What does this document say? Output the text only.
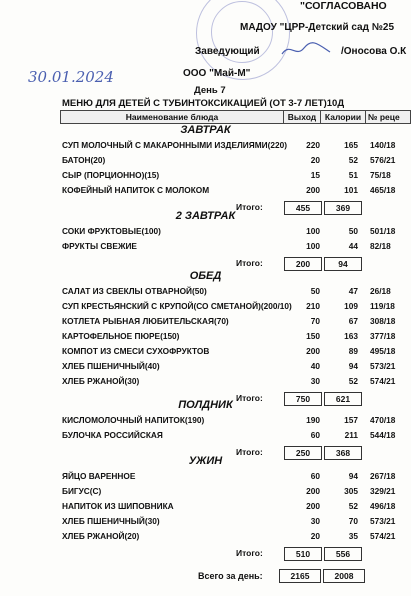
"СОГЛАСОВАНО
МАДОУ "ЦРР-Детский сад №25
Заведующий	/Оносова О.К
30.01.2024	ООО "Май-М"
День 7
МЕНЮ ДЛЯ ДЕТЕЙ С ТУБИНТОКСИКАЦИЕЙ (ОТ 3-7 ЛЕТ)10Д
Наименование блюда	Выход	Калории	№ реце
ЗАВТРАК
СУП МОЛОЧНЫЙ С МАКАРОННЫМИ ИЗДЕЛИЯМИ(220)	220	165 140/18
БАТОН(20)	20	52 576/21
СЫР (ПОРЦИОННО)(15)	15	51 75/18
КОФЕЙНЫЙ НАПИТОК С МОЛОКОМ	200	101 465/18
Итого:	455	369
2 ЗАВТРАК
СОКИ ФРУКТОВЫЕ(100)	100	50 501/18
ФРУКТЫ СВЕЖИЕ	100	44 82/18
Итого:	200	94
ОБЕД
САЛАТ ИЗ СВЕКЛЫ ОТВАРНОЙ(50)	50	47 26/18
СУП КРЕСТЬЯНСКИЙ С КРУПОЙ(СО СМЕТАНОЙ)(200/10)	210	109 119/18
КОТЛЕТА РЫБНАЯ ЛЮБИТЕЛЬСКАЯ(70)	70	67 308/18
КАРТОФЕЛЬНОЕ ПЮРЕ(150)	150	163 377/18
КОМПОТ ИЗ СМЕСИ СУХОФРУКТОВ	200	89 495/18
ХЛЕБ ПШЕНИЧНЫЙ(40)	40	94 573/21
ХЛЕБ РЖАНОЙ(30)	30	52 574/21
Итого:	750	621
ПОЛДНИК
КИСЛОМОЛОЧНЫЙ НАПИТОК(190)	190	157 470/18
БУЛОЧКА РОССИЙСКАЯ	60	211 544/18
Итого:	250	368
УЖИН
ЯЙЦО ВАРЕННОЕ	60	94 267/18
БИГУС(С)	200	305 329/21
НАПИТОК ИЗ ШИПОВНИКА	200	52 496/18
ХЛЕБ ПШЕНИЧНЫЙ(30)	30	70 573/21
ХЛЕБ РЖАНОЙ(20)	20	35 574/21
Итого:	510	556
Всего за день:	2165	2008
